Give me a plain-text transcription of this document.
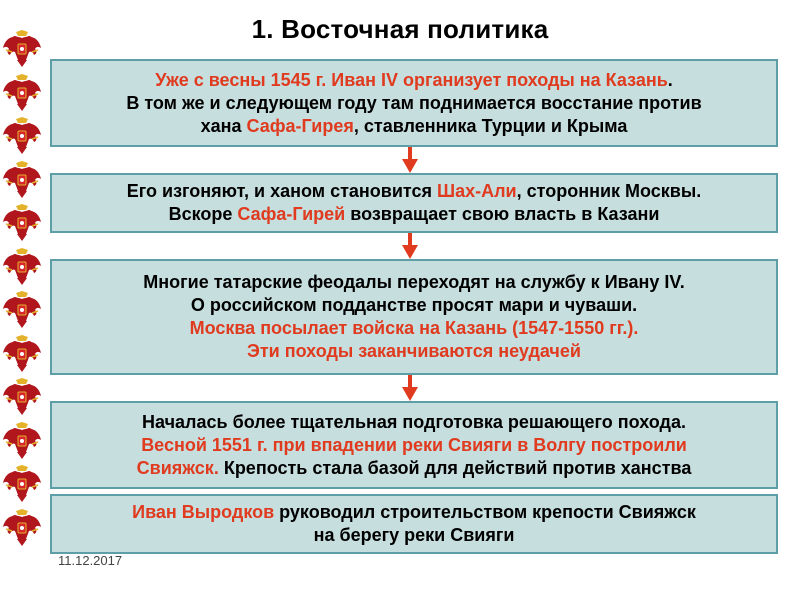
1. Восточная политика
Уже с весны 1545 г. Иван IV организует походы на Казань.
В том же и следующем году там поднимается восстание против
хана Сафа-Гирея, ставленника Турции и Крыма
Его изгоняют, и ханом становится Шах-Али, сторонник Москвы.
Вскоре Сафа-Гирей возвращает свою власть в Казани
Многие татарские феодалы переходят на службу к Ивану IV.
О российском подданстве просят мари и чуваши.
Москва посылает войска на Казань (1547-1550 гг.).
Эти походы заканчиваются неудачей
Началась более тщательная подготовка решающего похода.
Весной 1551 г. при впадении реки Свияги в Волгу построили
Свияжск. Крепость стала базой для действий против ханства
Иван Выродков руководил строительством крепости Свияжск
на берегу реки Свияги
11.12.2017
